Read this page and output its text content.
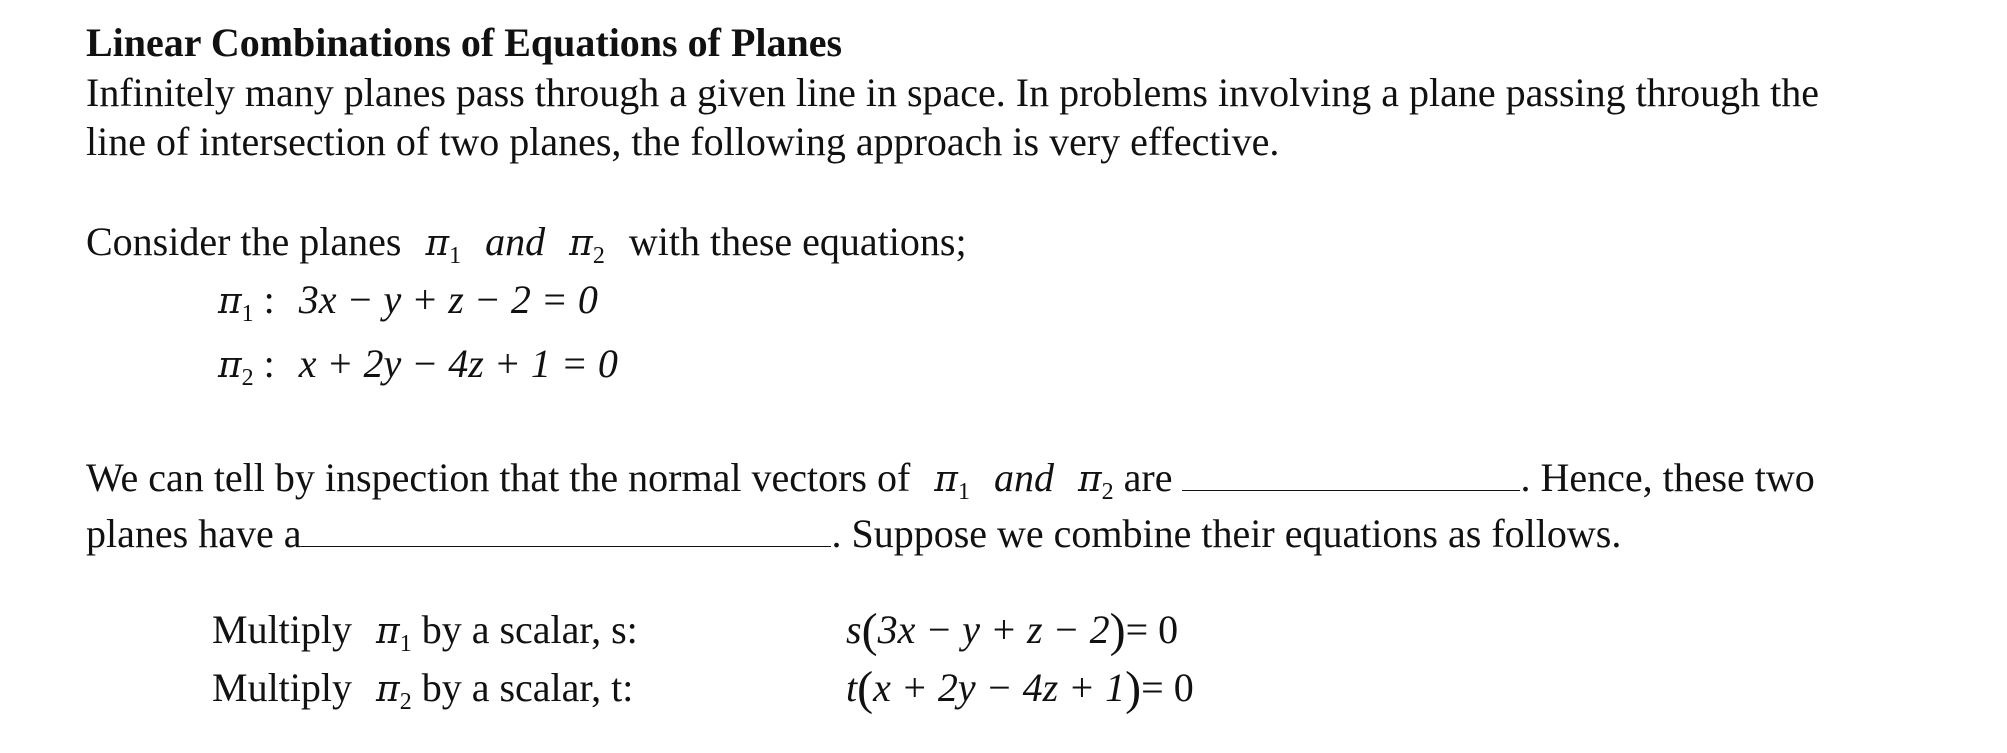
Linear Combinations of Equations of Planes
Infinitely many planes pass through a given line in space. In problems involving a plane passing through the
line of intersection of two planes, the following approach is very effective.
Consider the planes $\pi_1$ and $\pi_2$ with these equations;
$\pi_1$ : 3x − y + z − 2 = 0
$\pi_2$ : x + 2y − 4z + 1 = 0
We can tell by inspection that the normal vectors of $\pi_1$ and $\pi_2$ are	. Hence, these two
planes have a	. Suppose we combine their equations as follows.
Multiply $\pi_1$ by a scalar, s:
Multiply $\pi_2$ by a scalar, t:
s(3x − y + z − 2)= 0
t(x + 2y − 4z + 1)= 0
